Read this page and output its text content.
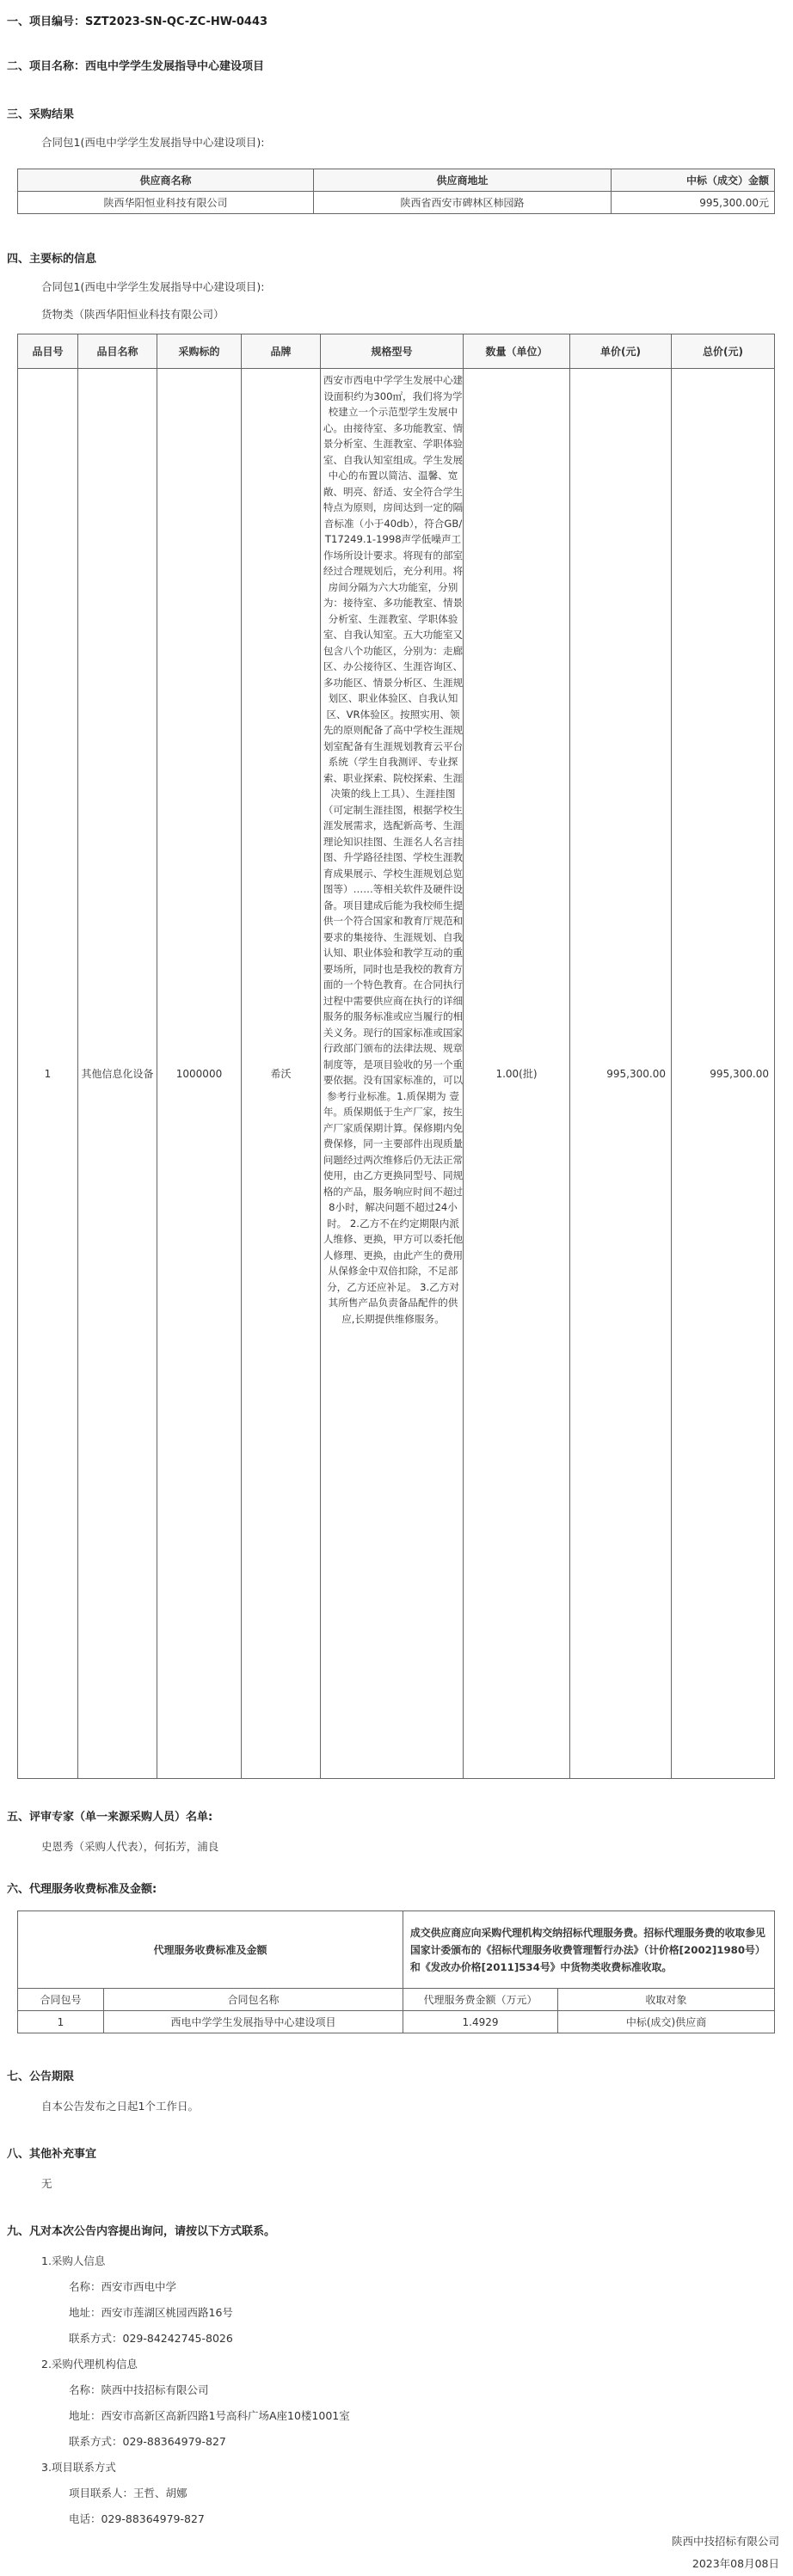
一、项目编号：SZT2023-SN-QC-ZC-HW-0443
二、项目名称：西电中学学生发展指导中心建设项目
三、采购结果
合同包1(西电中学学生发展指导中心建设项目):
供应商名称	供应商地址	中标（成交）金额
陕西华阳恒业科技有限公司	陕西省西安市碑林区柿园路	995,300.00元
四、主要标的信息
合同包1(西电中学学生发展指导中心建设项目):
货物类（陕西华阳恒业科技有限公司）
品目号	品目名称	采购标的	品牌	规格型号	数量（单位）	单价(元)	总价(元)
1	其他信息化设备	1000000	希沃	西安市西电中学学生发展中心建设面积约为300㎡，我们将为学校建立一个示范型学生发展中心。由接待室、多功能教室、情景分析室、生涯教室、学职体验室、自我认知室组成。学生发展中心的布置以简洁、温馨、宽敞、明亮、舒适、安全符合学生特点为原则，房间达到一定的隔音标准（小于40db），符合GB/T17249.1-1998声学低噪声工作场所设计要求。将现有的部室经过合理规划后，充分利用。将房间分隔为六大功能室，分别为：接待室、多功能教室、情景分析室、生涯教室、学职体验室、自我认知室。五大功能室又包含八个功能区，分别为：走廊区、办公接待区、生涯咨询区、多功能区、情景分析区、生涯规划区、职业体验区、自我认知区、VR体验区。按照实用、领先的原则配备了高中学校生涯规划室配备有生涯规划教育云平台系统（学生自我测评、专业探索、职业探索、院校探索、生涯决策的线上工具）、生涯挂图（可定制生涯挂图，根据学校生涯发展需求，选配新高考、生涯理论知识挂图、生涯名人名言挂图、升学路径挂图、学校生涯教育成果展示、学校生涯规划总览图等）……等相关软件及硬件设备。项目建成后能为我校师生提供一个符合国家和教育厅规范和要求的集接待、生涯规划、自我认知、职业体验和教学互动的重要场所，同时也是我校的教育方面的一个特色教育。在合同执行过程中需要供应商在执行的详细服务的服务标准或应当履行的相关义务。现行的国家标准或国家行政部门颁布的法律法规、规章制度等，是项目验收的另一个重要依据。没有国家标准的，可以参考行业标准。1.质保期为 壹 年。质保期低于生产厂家，按生产厂家质保期计算。保修期内免费保修，同一主要部件出现质量问题经过两次维修后仍无法正常使用，由乙方更换同型号、同规格的产品，服务响应时间不超过8小时，解决问题不超过24小时。 2.乙方不在约定期限内派人维修、更换，甲方可以委托他人修理、更换，由此产生的费用从保修金中双倍扣除，不足部分，乙方还应补足。 3.乙方对其所售产品负责备品配件的供应,长期提供维修服务。	1.00(批)	995,300.00	995,300.00
五、评审专家（单一来源采购人员）名单:
史恩秀（采购人代表），何拓芳，浦良
六、代理服务收费标准及金额:
代理服务收费标准及金额		成交供应商应向采购代理机构交纳招标代理服务费。招标代理服务费的收取参见国家计委颁布的《招标代理服务收费管理暂行办法》（计价格[2002]1980号）和《发改办价格[2011]534号》中货物类收费标准收取。	
合同包号	合同包名称	代理服务费金额（万元）	收取对象
1	西电中学学生发展指导中心建设项目	1.4929	中标(成交)供应商
七、公告期限
自本公告发布之日起1个工作日。
八、其他补充事宜
无
九、凡对本次公告内容提出询问，请按以下方式联系。
1.采购人信息
名称：西安市西电中学
地址：西安市莲湖区桃园西路16号
联系方式：029-84242745-8026
2.采购代理机构信息
名称：陕西中技招标有限公司
地址：西安市高新区高新四路1号高科广场A座10楼1001室
联系方式：029-88364979-827
3.项目联系方式
项目联系人：王哲、胡娜
电话：029-88364979-827
陕西中技招标有限公司
2023年08月08日
